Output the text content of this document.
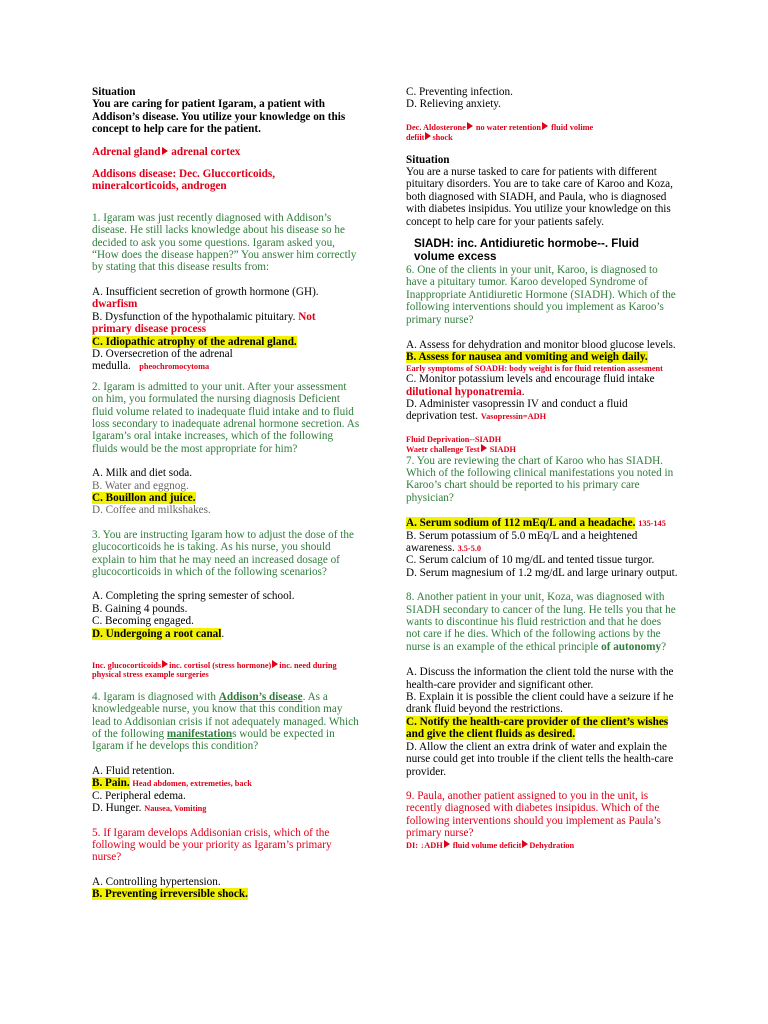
Situation

You are caring for patient Igaram, a patient with Addison’s disease. You utilize your knowledge on this concept to help care for the patient.

Adrenal gland adrenal cortex

Addisons disease: Dec. Gluccorticoids, mineralcorticoids, androgen

1. Igaram was just recently diagnosed with Addison’s disease. He still lacks knowledge about his disease so he decided to ask you some questions. Igaram asked you, “How does the disease happen?” You answer him correctly by stating that this disease results from:

A. Insufficient secretion of growth hormone (GH).

dwarfism

B. Dysfunction of the hypothalamic pituitary. Not

primary disease process

C. Idiopathic atrophy of the adrenal gland.

D. Oversecretion of the adrenal

medulla. pheochromocytoma

2. Igaram is admitted to your unit. After your assessment on him, you formulated the nursing diagnosis Deficient fluid volume related to inadequate fluid intake and to fluid loss secondary to inadequate adrenal hormone secretion. As Igaram’s oral intake increases, which of the following fluids would be the most appropriate for him?

A. Milk and diet soda.

B. Water and eggnog.

C. Bouillon and juice.

D. Coffee and milkshakes.

3. You are instructing Igaram how to adjust the dose of the glucocorticoids he is taking. As his nurse, you should explain to him that he may need an increased dosage of glucocorticoids in which of the following scenarios?

A. Completing the spring semester of school.

B. Gaining 4 pounds.

C. Becoming engaged.

D. Undergoing a root canal.

Inc. glucocorticoids inc. cortisol (stress hormone) inc. need during physical stress example surgeries

4. Igaram is diagnosed with Addison’s disease. As a knowledgeable nurse, you know that this condition may lead to Addisonian crisis if not adequately managed. Which of the following manifestations would be expected in Igaram if he develops this condition?

A. Fluid retention.

B. Pain. Head abdomen, extremeties, back

C. Peripheral edema.

D. Hunger. Nausea, Vomiting

5. If Igaram develops Addisonian crisis, which of the following would be your priority as Igaram’s primary nurse?

A. Controlling hypertension.

B. Preventing irreversible shock.

C. Preventing infection.

D. Relieving anxiety.

Dec. Aldosterone no water retention fluid volime
defiit shock

Situation

You are a nurse tasked to care for patients with different pituitary disorders. You are to take care of Karoo and Koza, both diagnosed with SIADH, and Paula, who is diagnosed with diabetes insipidus. You utilize your knowledge on this concept to help care for your patients safely.

SIADH: inc. Antidiuretic hormobe--. Fluid volume excess

6. One of the clients in your unit, Karoo, is diagnosed to have a pituitary tumor. Karoo developed Syndrome of Inappropriate Antidiuretic Hormone (SIADH). Which of the following interventions should you implement as Karoo’s primary nurse?

A. Assess for dehydration and monitor blood glucose levels.

B. Assess for nausea and vomiting and weigh daily.

Early symptoms of SOADH: body weight is for fluid retention assesment

C. Monitor potassium levels and encourage fluid intake

dilutional hyponatremia.

D. Administer vasopressin IV and conduct a fluid deprivation test. Vasopressin=ADH

Fluid Deprivation--SIADH

Waetr challenge Test SIADH

7. You are reviewing the chart of Karoo who has SIADH. Which of the following clinical manifestations you noted in Karoo’s chart should be reported to his primary care physician?

A. Serum sodium of 112 mEq/L and a headache. 135-145

B. Serum potassium of 5.0 mEq/L and a heightened awareness. 3.5-5.0

C. Serum calcium of 10 mg/dL and tented tissue turgor.

D. Serum magnesium of 1.2 mg/dL and large urinary output.

8. Another patient in your unit, Koza, was diagnosed with SIADH secondary to cancer of the lung. He tells you that he wants to discontinue his fluid restriction and that he does not care if he dies. Which of the following actions by the nurse is an example of the ethical principle of autonomy?

A. Discuss the information the client told the nurse with the health-care provider and significant other.

B. Explain it is possible the client could have a seizure if he drank fluid beyond the restrictions.

C. Notify the health-care provider of the client’s wishes and give the client fluids as desired.

D. Allow the client an extra drink of water and explain the nurse could get into trouble if the client tells the health-care provider.

9. Paula, another patient assigned to you in the unit, is recently diagnosed with diabetes insipidus. Which of the following interventions should you implement as Paula’s primary nurse?

DI: ↓ADH fluid volume deficit Dehydration
